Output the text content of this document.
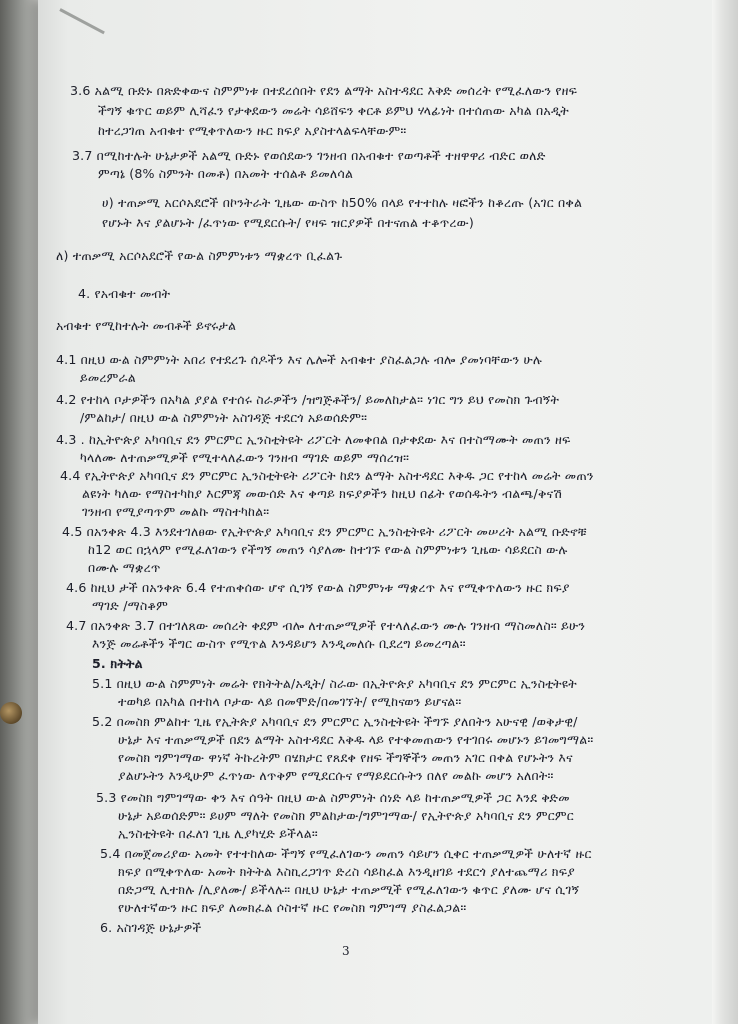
3.6 አልሚ ቡድኑ በጽድቀውና ስምምነቱ በተደረሰበት የደን ልማት አስተዳደር እቅድ መሰረት የሚፈለውን የዘፍ
ችግኝ ቁጥር ወይም ሊሻፈን የታቀደውን መሬት ሳይሸፍን ቀርቶ ይምህ ሃላፊነት በተሰጠው አካል በአዲት
ከተረጋገጠ አብቁተ የሚቀጥለውን ዙር ክፍያ አያስተላልፍላቸውም።
3.7 በሚከተሉት ሁኔታዎች አልሚ ቡድኑ የወሰደውን ገንዘብ በአብቁተ የወጣቶች ተዘዋዋሪ ብድር ወለድ
ምጣኔ (8% ስምንት በመቶ) በአመት ተሰልቶ ይመለሳል
ሀ) ተጠቃሚ አርሶአደሮች በኮንትራት ጊዜው ውስጥ ከ50% በላይ የተተከሉ ዛፎችን ከቆረጡ (አገር በቀል
የሆኑት እና ያልሆኑት /ፈጥነው የሚደርሱት/ የዛፍ ዝርያዎች በተናጠል ተቆጥረው)
ለ) ተጠቃሚ አርሶአደሮች የውል ስምምነቱን ማቋረጥ ቢፈልጉ
4. የአብቁተ መብት
አብቁተ የሚከተሉት መብቶች ይኖሩታል
4.1 በዚህ ውል ስምምነት አበሪ የተደረጉ ሰዶችን እና ሌሎች አብቁተ ያስፈልጋሉ ብሎ ያመነባቸውን ሁሉ
ይመረምራል
4.2 የተከላ ቦታዎችን በአካል ያያል የተሰሩ ስራዎችን /ዝግጅቶችን/ ይመለከታል። ነገር ግን ይህ የመስክ ጉብኝት
/ምልከታ/ በዚህ ውል ስምምነት አስገዳጅ ተደርጎ አይወሰድም።
4.3 . ከኢትዮጵያ አካባቢና ደን ምርምር ኢንስቲትዩት ሪፖርት ለመቀበል በታቀደው እና በተስማሙት መጠን ዘፍ
ካላለሙ ለተጠቃሚዎች የሚተላለፈውን ገንዘብ ማገድ ወይም ማሰረዝ።
4.4 የኢትዮጵያ አካባቢና ደን ምርምር ኢንስቲትዩት ሪፖርት ከደን ልማት አስተዳደር እቅዱ ጋር የተከላ መሬት መጠን
ልዩነት ካለው የማስተካከያ እርምጃ መውሰድ እና ቀጣይ ክፍያዎችን ከዚህ በፊት የወሰዱትን ብልጫ/ቅናሽ
ገንዘብ የሚያጣጥም መልኩ ማስተካከል።
4.5 በአንቀጽ 4.3 እንደተገለፀው የኢትዮጵያ አካባቢና ደን ምርምር ኢንስቲትዩት ሪፖርት መሠረት አልሚ ቡድኖቹ
ከ12 ወር በኋላም የሚፈለገውን የችግኝ መጠን ሳያለሙ ከተገኙ የውል ስምምነቱን ጊዜው ሳይደርስ ውሉ
በሙሉ ማቋረጥ
4.6 ከዚህ ታች በአንቀጽ 6.4 የተጠቀሰው ሆኖ ሲገኝ የውል ስምምነቱ ማቋረጥ እና የሚቀጥለውን ዙር ክፍያ
ማገድ /ማስቆም
4.7 በአንቀጽ 3.7 በተገለጸው መሰረት ቀደም ብሎ ለተጠቃሚዎች የተላለፈውን ሙሉ ገንዘብ ማስመለስ። ይሁን
እንጅ መሬቶችን ችግር ውስጥ የሚጥል እንዳይሆን እንዲመለሱ ቢደረግ ይመረጣል።
5. ክትትል
5.1 በዚህ ውል ስምምነት መሬት የክትትል/አዲት/ ስራው በኢትዮጵያ አካባቢና ደን ምርምር ኢንስቲትዩት
ተወካይ በአካል በተከላ ቦታው ላይ በመሞድ/በመገኘት/ የሚከናወን ይሆናል።
5.2 በመስክ ምልከተ ጊዜ የኢትጵያ አካባቢና ደን ምርምር ኢንስቲትዩት ችግኙ ያለበትን አሁናዊ /ወቅታዊ/
ሁኔታ እና ተጠቃሚዎች በደን ልማት አስተዳደር እቅዱ ላይ የተቀመጠውን የተገበሩ መሆኑን ይገመግማል።
የመስክ ግምገማው ዋነኛ ትኩረትም በሄክታር የጸደቀ የዘፍ ችግኞችን መጠን አገር በቀል የሆኑትን እና
ያልሆኑትን እንዲሁም ፈጥነው ለጥቅም የሚደርሱና የማይደርሱትን በለየ መልኩ መሆን አለበት።
5.3 የመስክ ግምገማው ቀን እና ሰዓት በዚህ ውል ስምምነት ሰነድ ላይ ከተጠቃሚዎች ጋር እንደ ቅድመ
ሁኔታ አይወሰድም። ይሀም ማለት የመስክ ምልከታው/ግምገማው/ የኢትዮጵያ አካባቢና ደን ምርምር
ኢንስቲትዩት በፈለገ ጊዜ ሊያካሂድ ይችላል።
5.4 በመጀመሪያው አመት የተተከለው ችግኝ የሚፈለገውን መጠን ሳይሆን ሲቀር ተጠቃሚዎች ሁለተኛ ዙር
ክፍያ በሚቀጥለው አመት ክትትል እስኪረጋገጥ ድረስ ሳይከፈል እንዲዘገይ ተደርጎ ያለተጨማሪ ክፍያ
በድጋሚ ሊተክሉ /ሊያለሙ/ ይችላሉ። በዚህ ሁኔታ ተጠቃሚች የሚፈለገውን ቁጥር ያለሙ ሆና ሲገኝ
የሁለተኛውን ዙር ክፍያ ለመክፈል ሶስተኛ ዙር የመስክ ግምገማ ያስፈልጋል።
6. አስገዳጅ ሁኔታዎች
3
